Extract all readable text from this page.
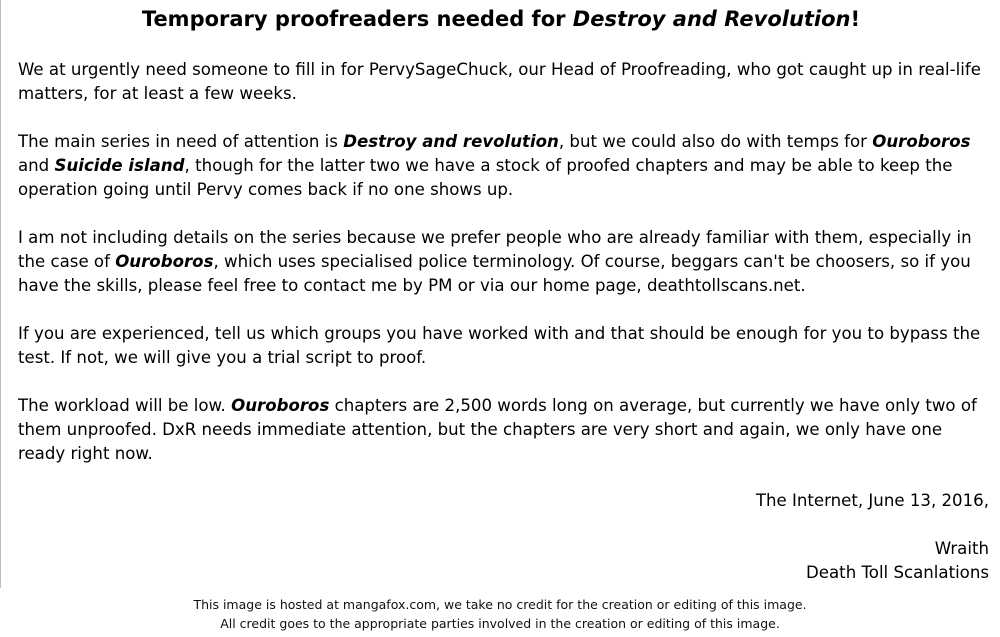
Temporary proofreaders needed for Destroy and Revolution!

We at urgently need someone to fill in for PervySageChuck, our Head of Proofreading, who got caught up in real-life matters, for at least a few weeks.

The main series in need of attention is Destroy and revolution, but we could also do with temps for Ouroboros and Suicide island, though for the latter two we have a stock of proofed chapters and may be able to keep the operation going until Pervy comes back if no one shows up.

I am not including details on the series because we prefer people who are already familiar with them, especially in the case of Ouroboros, which uses specialised police terminology. Of course, beggars can't be choosers, so if you have the skills, please feel free to contact me by PM or via our home page, deathtollscans.net.

If you are experienced, tell us which groups you have worked with and that should be enough for you to bypass the test. If not, we will give you a trial script to proof.

The workload will be low. Ouroboros chapters are 2,500 words long on average, but currently we have only two of them unproofed. DxR needs immediate attention, but the chapters are very short and again, we only have one ready right now.

The Internet, June 13, 2016,
Wraith
Death Toll Scanlations
This image is hosted at mangafox.com, we take no credit for the creation or editing of this image.
All credit goes to the appropriate parties involved in the creation or editing of this image.
